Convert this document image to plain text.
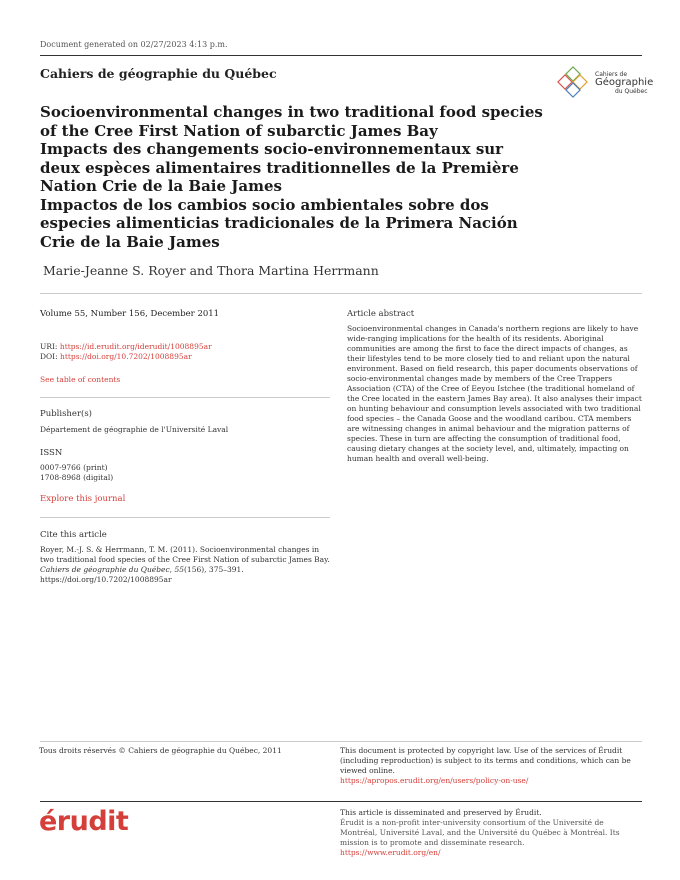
Document generated on 02/27/2023 4:13 p.m.
Cahiers de géographie du Québec	Cahiers de
Géographie
du Québec
Socioenvironmental changes in two traditional food species of the Cree First Nation of subarctic James Bay
Impacts des changements socio-environnementaux sur deux espèces alimentaires traditionnelles de la Première Nation Crie de la Baie James
Impactos de los cambios socio ambientales sobre dos especies alimenticias tradicionales de la Primera Nación Crie de la Baie James
Marie-Jeanne S. Royer and Thora Martina Herrmann
Volume 55, Number 156, December 2011
URI: https://id.erudit.org/iderudit/1008895ar
DOI: https://doi.org/10.7202/1008895ar
See table of contents
Publisher(s)
Département de géographie de l'Université Laval
ISSN
0007-9766 (print)
1708-8968 (digital)
Explore this journal
Cite this article
Royer, M.-J. S. & Herrmann, T. M. (2011). Socioenvironmental changes in two traditional food species of the Cree First Nation of subarctic James Bay. Cahiers de géographie du Québec, 55(156), 375–391. https://doi.org/10.7202/1008895ar
Article abstract
Socioenvironmental changes in Canada's northern regions are likely to have wide-ranging implications for the health of its residents. Aboriginal communities are among the first to face the direct impacts of changes, as their lifestyles tend to be more closely tied to and reliant upon the natural environment. Based on field research, this paper documents observations of socio-environmental changes made by members of the Cree Trappers Association (CTA) of the Cree of Eeyou Istchee (the traditional homeland of the Cree located in the eastern James Bay area). It also analyses their impact on hunting behaviour and consumption levels associated with two traditional food species – the Canada Goose and the woodland caribou. CTA members are witnessing changes in animal behaviour and the migration patterns of species. These in turn are affecting the consumption of traditional food, causing dietary changes at the society level, and, ultimately, impacting on human health and overall well-being.
Tous droits réservés © Cahiers de géographie du Québec, 2011	This document is protected by copyright law. Use of the services of Érudit (including reproduction) is subject to its terms and conditions, which can be viewed online.
https://apropos.erudit.org/en/users/policy-on-use/
érudit	This article is disseminated and preserved by Érudit.
Érudit is a non-profit inter-university consortium of the Université de Montréal, Université Laval, and the Université du Québec à Montréal. Its mission is to promote and disseminate research.
https://www.erudit.org/en/
